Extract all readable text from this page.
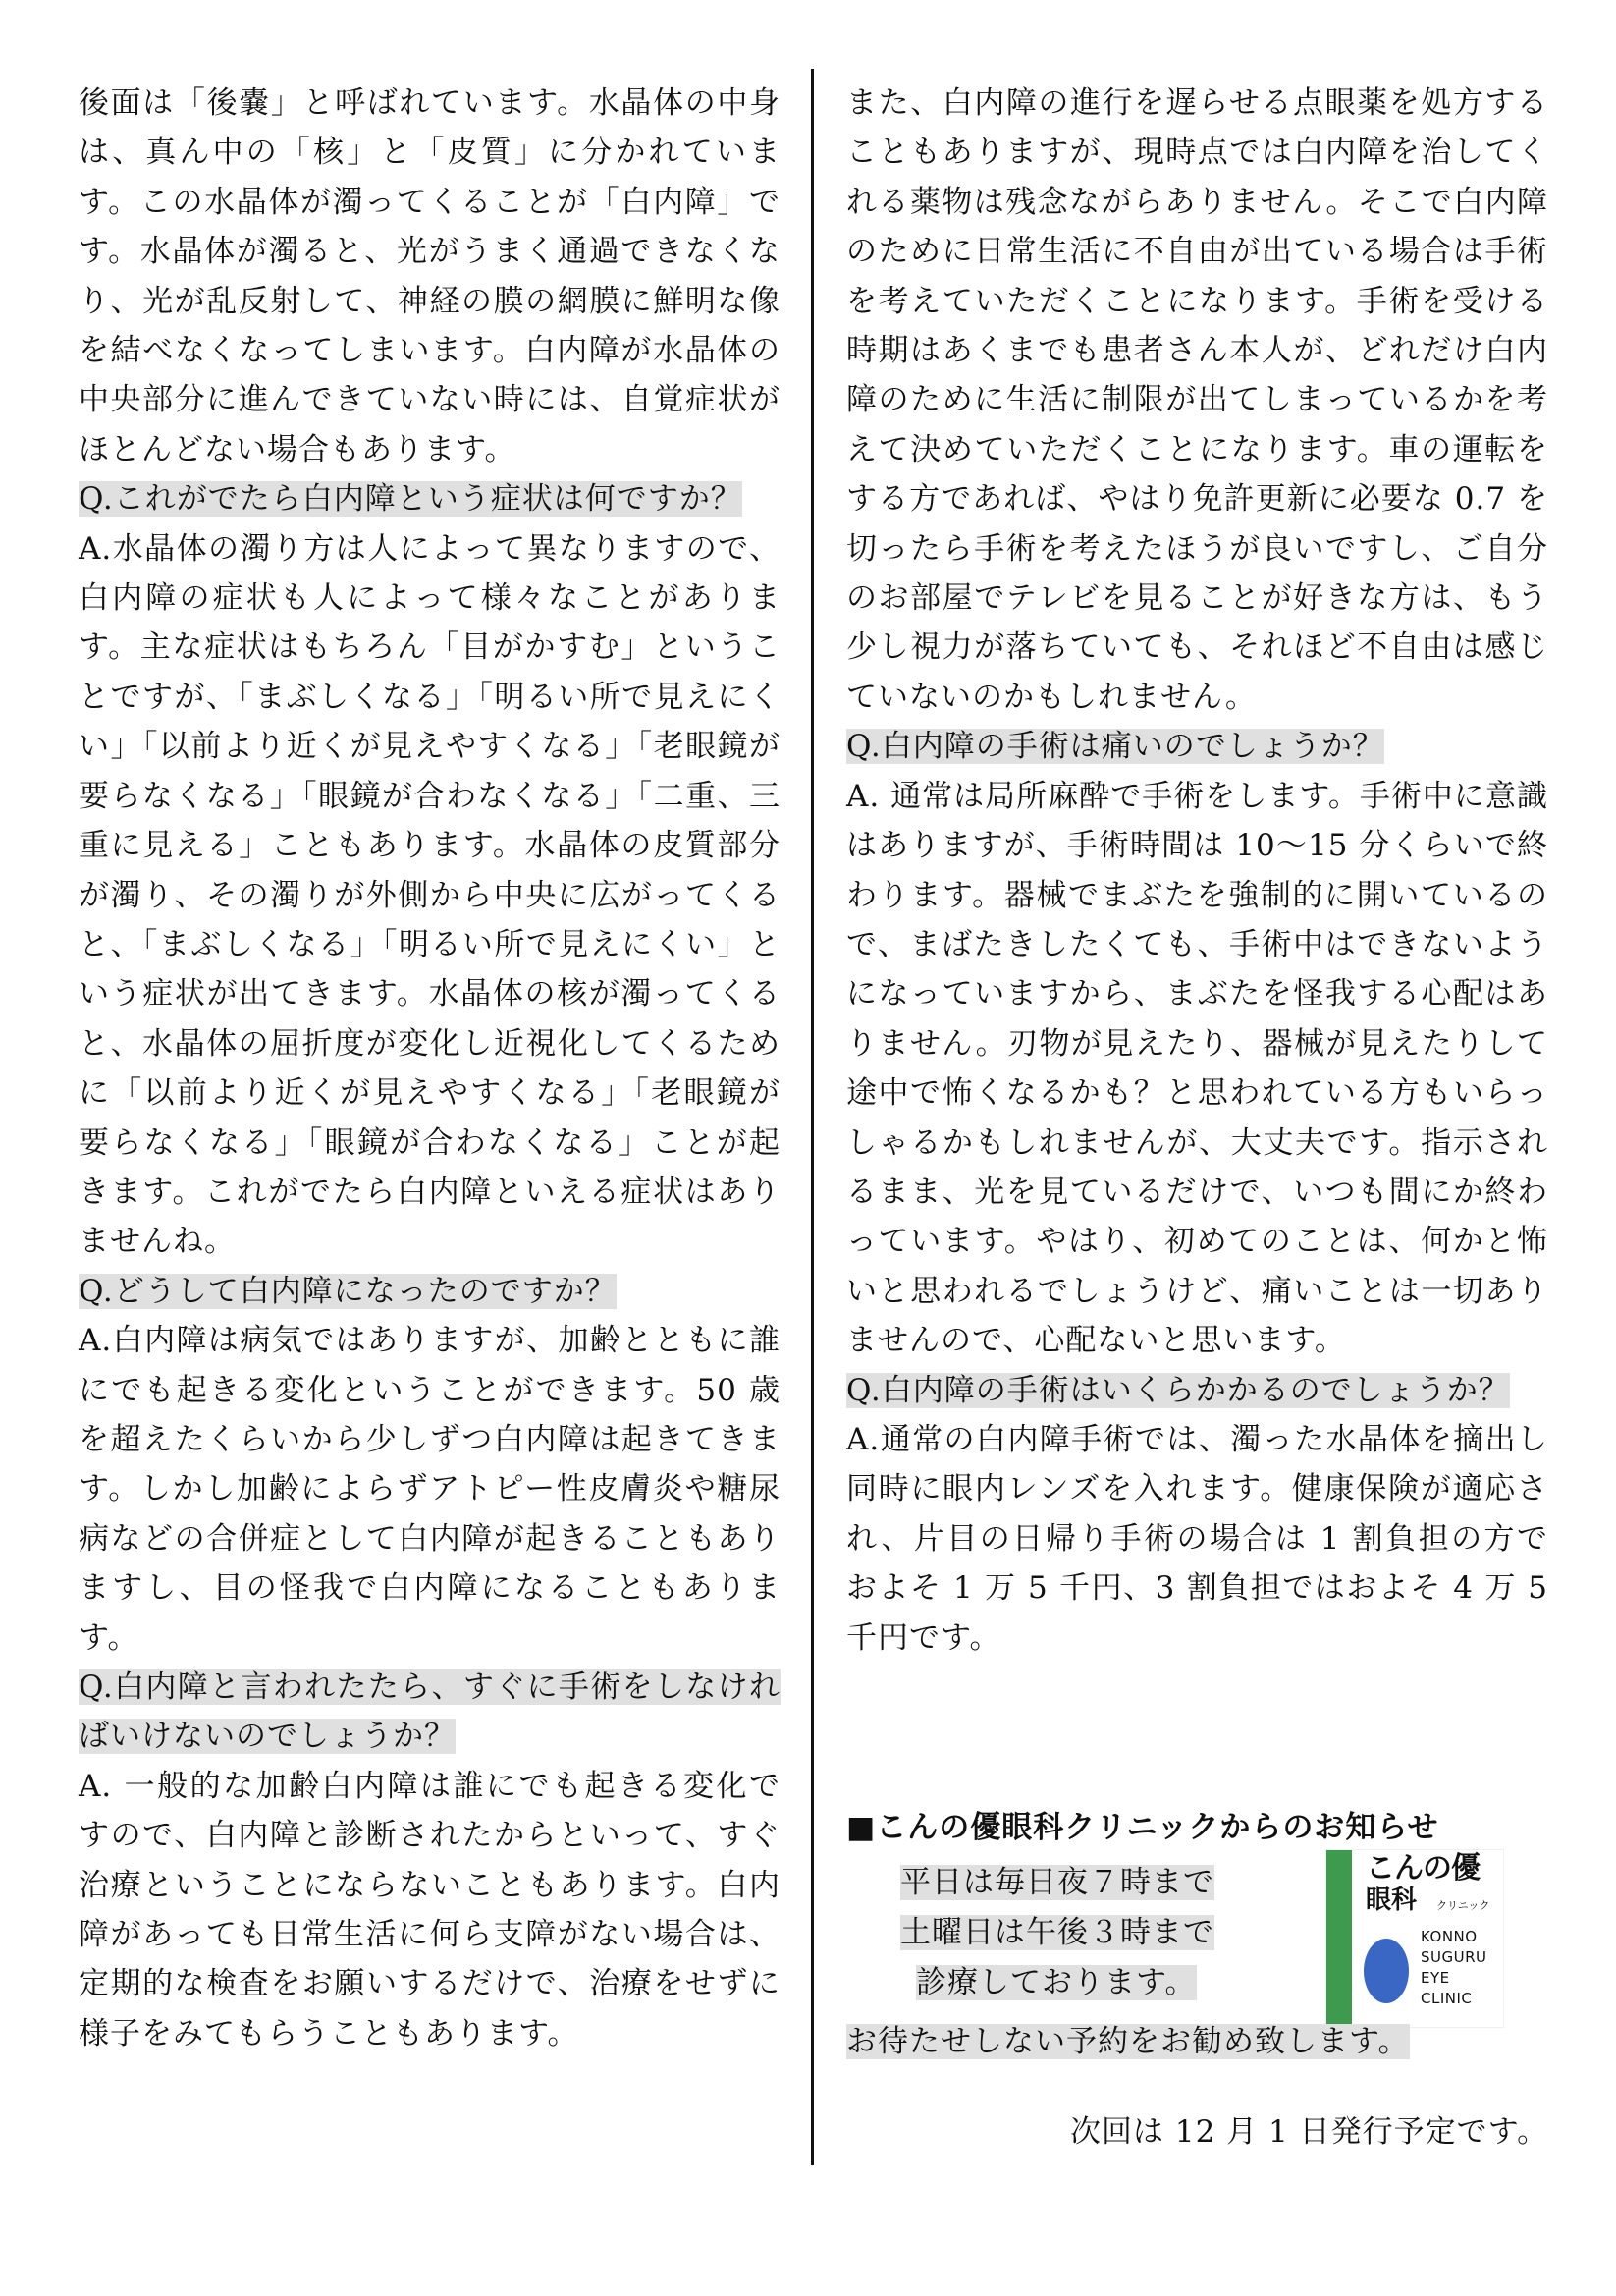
後面は「後嚢」と呼ばれています。水晶体の中身は、真ん中の「核」と「皮質」に分かれています。この水晶体が濁ってくることが「白内障」です。水晶体が濁ると、光がうまく通過できなくなり、光が乱反射して、神経の膜の網膜に鮮明な像を結べなくなってしまいます。白内障が水晶体の中央部分に進んできていない時には、自覚症状がほとんどない場合もあります。

Q.これがでたら白内障という症状は何ですか？

A.水晶体の濁り方は人によって異なりますので、白内障の症状も人によって様々なことがあります。主な症状はもちろん「目がかすむ」ということですが、「まぶしくなる」「明るい所で見えにくい」「以前より近くが見えやすくなる」「老眼鏡が要らなくなる」「眼鏡が合わなくなる」「二重、三重に見える」こともあります。水晶体の皮質部分が濁り、その濁りが外側から中央に広がってくると、「まぶしくなる」「明るい所で見えにくい」という症状が出てきます。水晶体の核が濁ってくると、水晶体の屈折度が変化し近視化してくるために「以前より近くが見えやすくなる」「老眼鏡が要らなくなる」「眼鏡が合わなくなる」ことが起きます。これがでたら白内障といえる症状はありませんね。

Q.どうして白内障になったのですか？

A.白内障は病気ではありますが、加齢とともに誰にでも起きる変化ということができます。50 歳を超えたくらいから少しずつ白内障は起きてきます。しかし加齢によらずアトピー性皮膚炎や糖尿病などの合併症として白内障が起きることもありますし、目の怪我で白内障になることもあります。

Q.白内障と言われたたら、すぐに手術をしなければいけないのでしょうか？

A. 一般的な加齢白内障は誰にでも起きる変化ですので、白内障と診断されたからといって、すぐ治療ということにならないこともあります。白内障があっても日常生活に何ら支障がない場合は、定期的な検査をお願いするだけで、治療をせずに様子をみてもらうこともあります。

また、白内障の進行を遅らせる点眼薬を処方することもありますが、現時点では白内障を治してくれる薬物は残念ながらありません。そこで白内障のために日常生活に不自由が出ている場合は手術を考えていただくことになります。手術を受ける時期はあくまでも患者さん本人が、どれだけ白内障のために生活に制限が出てしまっているかを考えて決めていただくことになります。車の運転をする方であれば、やはり免許更新に必要な 0.7 を切ったら手術を考えたほうが良いですし、ご自分のお部屋でテレビを見ることが好きな方は、もう少し視力が落ちていても、それほど不自由は感じていないのかもしれません。

Q.白内障の手術は痛いのでしょうか？

A. 通常は局所麻酔で手術をします。手術中に意識はありますが、手術時間は 10～15 分くらいで終わります。器械でまぶたを強制的に開いているので、まばたきしたくても、手術中はできないようになっていますから、まぶたを怪我する心配はありません。刃物が見えたり、器械が見えたりして途中で怖くなるかも？と思われている方もいらっしゃるかもしれませんが、大丈夫です。指示されるまま、光を見ているだけで、いつも間にか終わっています。やはり、初めてのことは、何かと怖いと思われるでしょうけど、痛いことは一切ありませんので、心配ないと思います。

Q.白内障の手術はいくらかかるのでしょうか？

A.通常の白内障手術では、濁った水晶体を摘出し同時に眼内レンズを入れます。健康保険が適応され、片目の日帰り手術の場合は 1 割負担の方でおよそ 1 万 5 千円、3 割負担ではおよそ 4 万 5 千円です。

■こんの優眼科クリニックからのお知らせ
平日は毎日夜７時まで
土曜日は午後３時まで
診療しております。
こんの優
眼科 クリニック
KONNO
SUGURU
EYE
CLINIC
お待たせしない予約をお勧め致します。
次回は 12 月 1 日発行予定です。
